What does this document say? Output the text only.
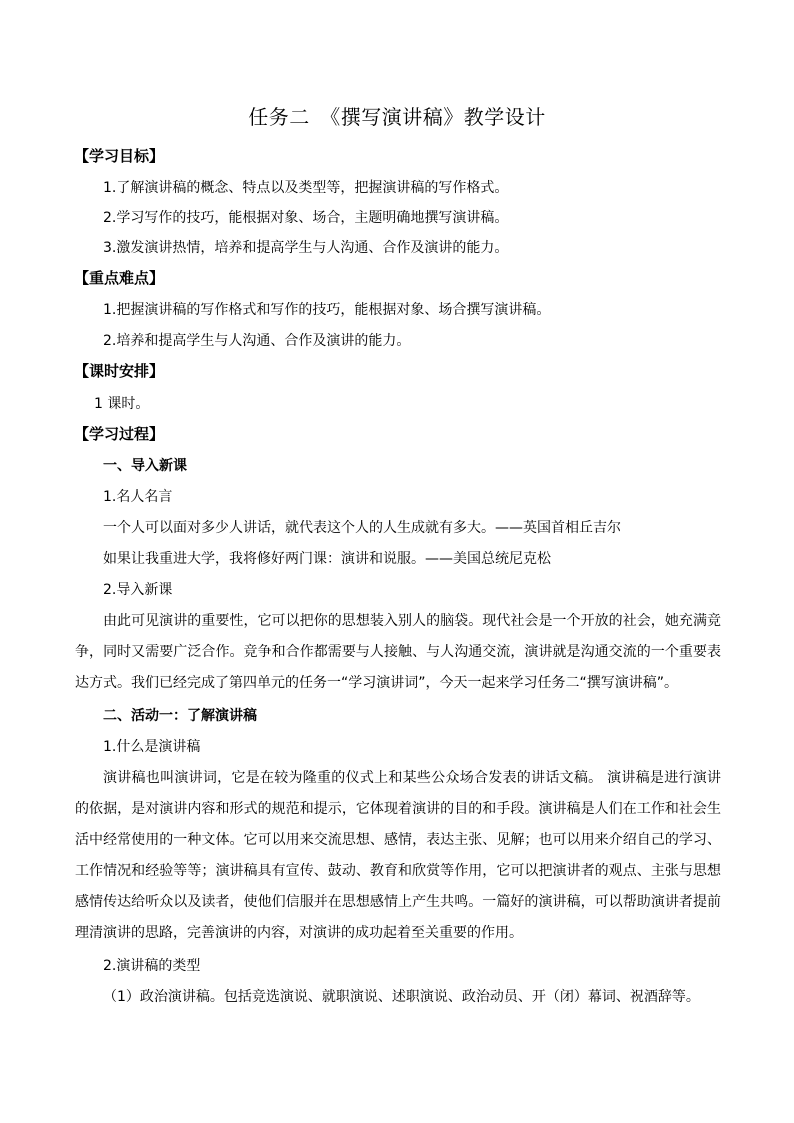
任务二　《撰写演讲稿》教学设计
【学习目标】
1.了解演讲稿的概念、特点以及类型等，把握演讲稿的写作格式。
2.学习写作的技巧，能根据对象、场合，主题明确地撰写演讲稿。
3.激发演讲热情，培养和提高学生与人沟通、合作及演讲的能力。
【重点难点】
1.把握演讲稿的写作格式和写作的技巧，能根据对象、场合撰写演讲稿。
2.培养和提高学生与人沟通、合作及演讲的能力。
【课时安排】
1 课时。
【学习过程】
一、导入新课
1.名人名言
一个人可以面对多少人讲话，就代表这个人的人生成就有多大。——英国首相丘吉尔
如果让我重进大学，我将修好两门课：演讲和说服。——美国总统尼克松
2.导入新课
由此可见演讲的重要性，它可以把你的思想装入别人的脑袋。现代社会是一个开放的社会，她充满竞争，同时又需要广泛合作。竞争和合作都需要与人接触、与人沟通交流，演讲就是沟通交流的一个重要表达方式。我们已经完成了第四单元的任务一“学习演讲词”，今天一起来学习任务二“撰写演讲稿”。
二、活动一：了解演讲稿
1.什么是演讲稿
演讲稿也叫演讲词，它是在较为隆重的仪式上和某些公众场合发表的讲话文稿。 演讲稿是进行演讲的依据，是对演讲内容和形式的规范和提示，它体现着演讲的目的和手段。演讲稿是人们在工作和社会生活中经常使用的一种文体。它可以用来交流思想、感情，表达主张、见解；也可以用来介绍自己的学习、工作情况和经验等等；演讲稿具有宣传、鼓动、教育和欣赏等作用，它可以把演讲者的观点、主张与思想感情传达给听众以及读者，使他们信服并在思想感情上产生共鸣。一篇好的演讲稿，可以帮助演讲者提前理清演讲的思路，完善演讲的内容，对演讲的成功起着至关重要的作用。
2.演讲稿的类型
（1）政治演讲稿。包括竞选演说、就职演说、述职演说、政治动员、开（闭）幕词、祝酒辞等。
